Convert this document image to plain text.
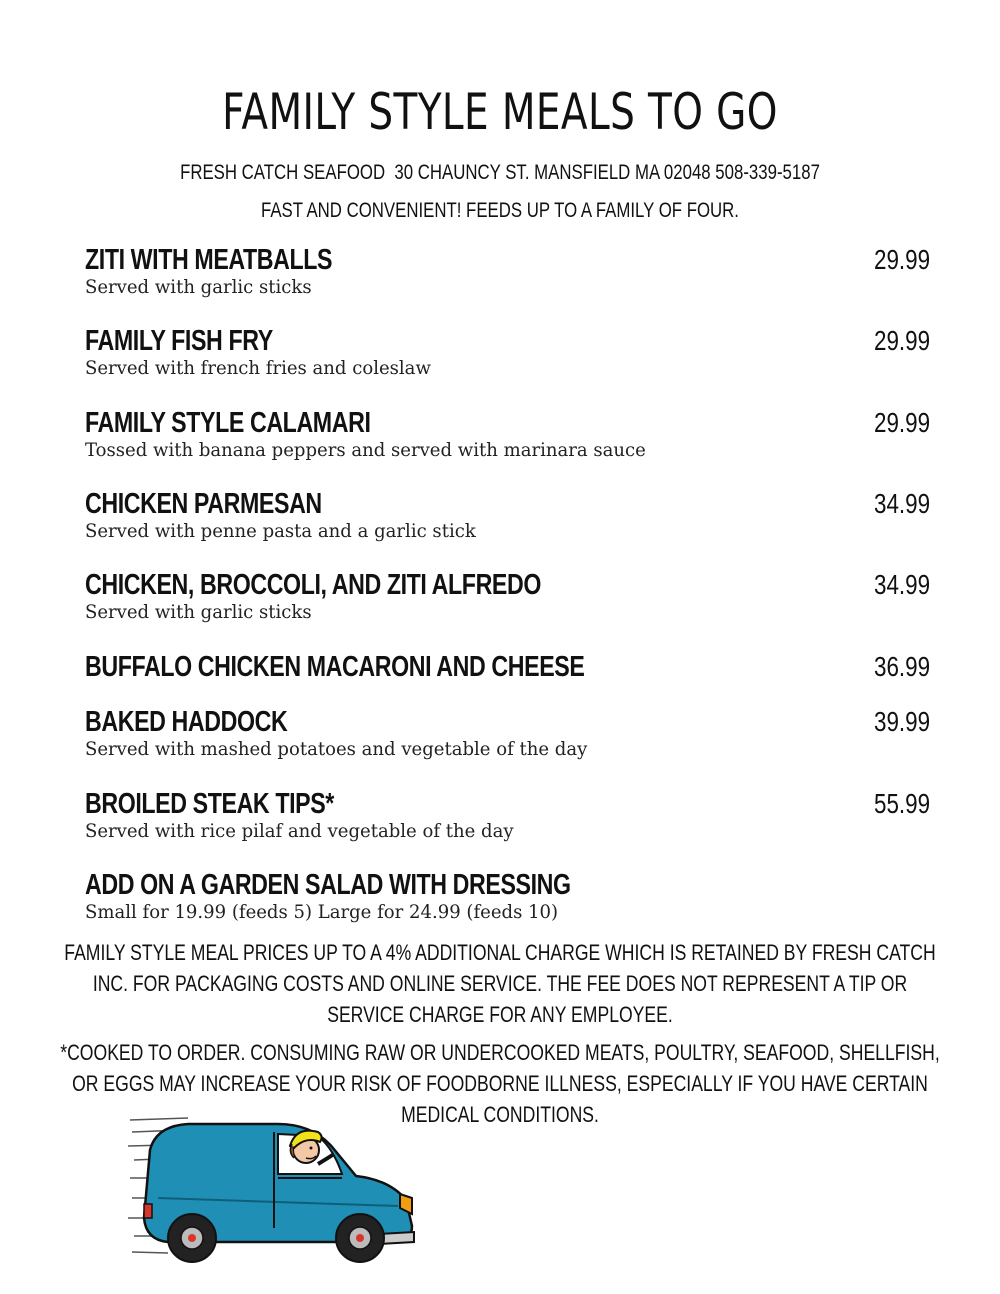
FAMILY STYLE MEALS TO GO

FRESH CATCH SEAFOOD  30 CHAUNCY ST. MANSFIELD MA 02048 508-339-5187

FAST AND CONVENIENT! FEEDS UP TO A FAMILY OF FOUR.

ZITI WITH MEATBALLS	29.99
Served with garlic sticks
FAMILY FISH FRY	29.99
Served with french fries and coleslaw
FAMILY STYLE CALAMARI	29.99
Tossed with banana peppers and served with marinara sauce
CHICKEN PARMESAN	34.99
Served with penne pasta and a garlic stick
CHICKEN, BROCCOLI, AND ZITI ALFREDO	34.99
Served with garlic sticks
BUFFALO CHICKEN MACARONI AND CHEESE	36.99
BAKED HADDOCK	39.99
Served with mashed potatoes and vegetable of the day
BROILED STEAK TIPS*	55.99
Served with rice pilaf and vegetable of the day
ADD ON A GARDEN SALAD WITH DRESSING
Small for 19.99 (feeds 5) Large for 24.99 (feeds 10)

FAMILY STYLE MEAL PRICES UP TO A 4% ADDITIONAL CHARGE WHICH IS RETAINED BY FRESH CATCH INC. FOR PACKAGING COSTS AND ONLINE SERVICE. THE FEE DOES NOT REPRESENT A TIP OR SERVICE CHARGE FOR ANY EMPLOYEE.

*COOKED TO ORDER. CONSUMING RAW OR UNDERCOOKED MEATS, POULTRY, SEAFOOD, SHELLFISH, OR EGGS MAY INCREASE YOUR RISK OF FOODBORNE ILLNESS, ESPECIALLY IF YOU HAVE CERTAIN MEDICAL CONDITIONS.
